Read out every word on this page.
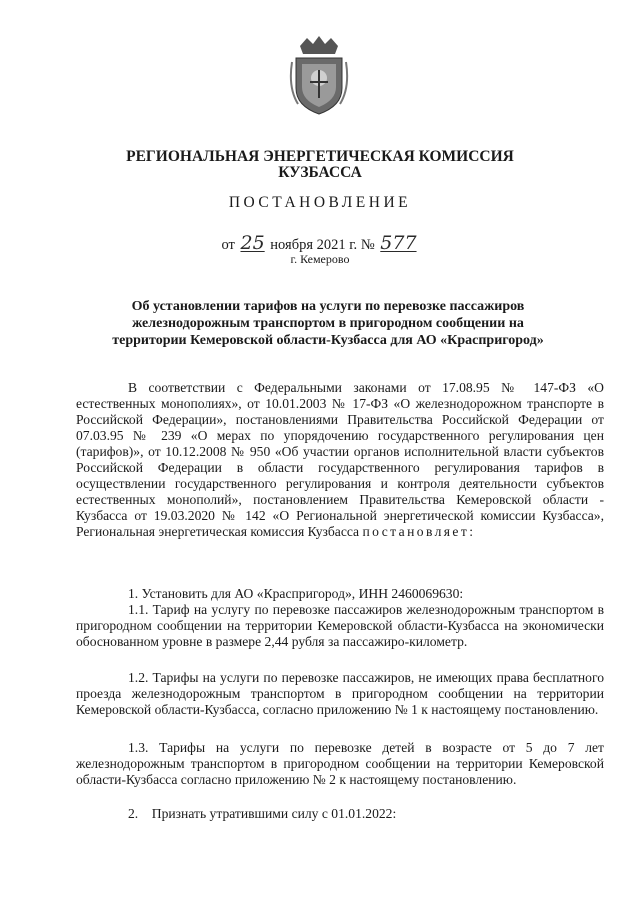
РЕГИОНАЛЬНАЯ ЭНЕРГЕТИЧЕСКАЯ КОМИССИЯ
КУЗБАССА
ПОСТАНОВЛЕНИЕ
от 25 ноября 2021 г. № 577
г. Кемерово
Об установлении тарифов на услуги по перевозке пассажиров
железнодорожным транспортом в пригородном сообщении на
территории Кемеровской области-Кузбасса для АО «Краспригород»

В соответствии с Федеральными законами от 17.08.95 № 147-ФЗ «О естественных монополиях», от 10.01.2003 № 17-ФЗ «О железнодорожном транспорте в Российской Федерации», постановлениями Правительства Российской Федерации от 07.03.95 № 239 «О мерах по упорядочению государственного регулирования цен (тарифов)», от 10.12.2008 № 950 «Об участии органов исполнительной власти субъектов Российской Федерации в области государственного регулирования тарифов в осуществлении государственного регулирования и контроля деятельности субъектов естественных монополий», постановлением Правительства Кемеровской области - Кузбасса от 19.03.2020 № 142 «О Региональной энергетической комиссии Кузбасса», Региональная энергетическая комиссия Кузбасса постановляет:

1. Установить для АО «Краспригород», ИНН 2460069630:

1.1. Тариф на услугу по перевозке пассажиров железнодорожным транспортом в пригородном сообщении на территории Кемеровской области-Кузбасса на экономически обоснованном уровне в размере 2,44 рубля за пассажиро-километр.

1.2. Тарифы на услуги по перевозке пассажиров, не имеющих права бесплатного проезда железнодорожным транспортом в пригородном сообщении на территории Кемеровской области-Кузбасса, согласно приложению № 1 к настоящему постановлению.

1.3. Тарифы на услуги по перевозке детей в возрасте от 5 до 7 лет железнодорожным транспортом в пригородном сообщении на территории Кемеровской области-Кузбасса согласно приложению № 2 к настоящему постановлению.

2.    Признать утратившими силу с 01.01.2022:
